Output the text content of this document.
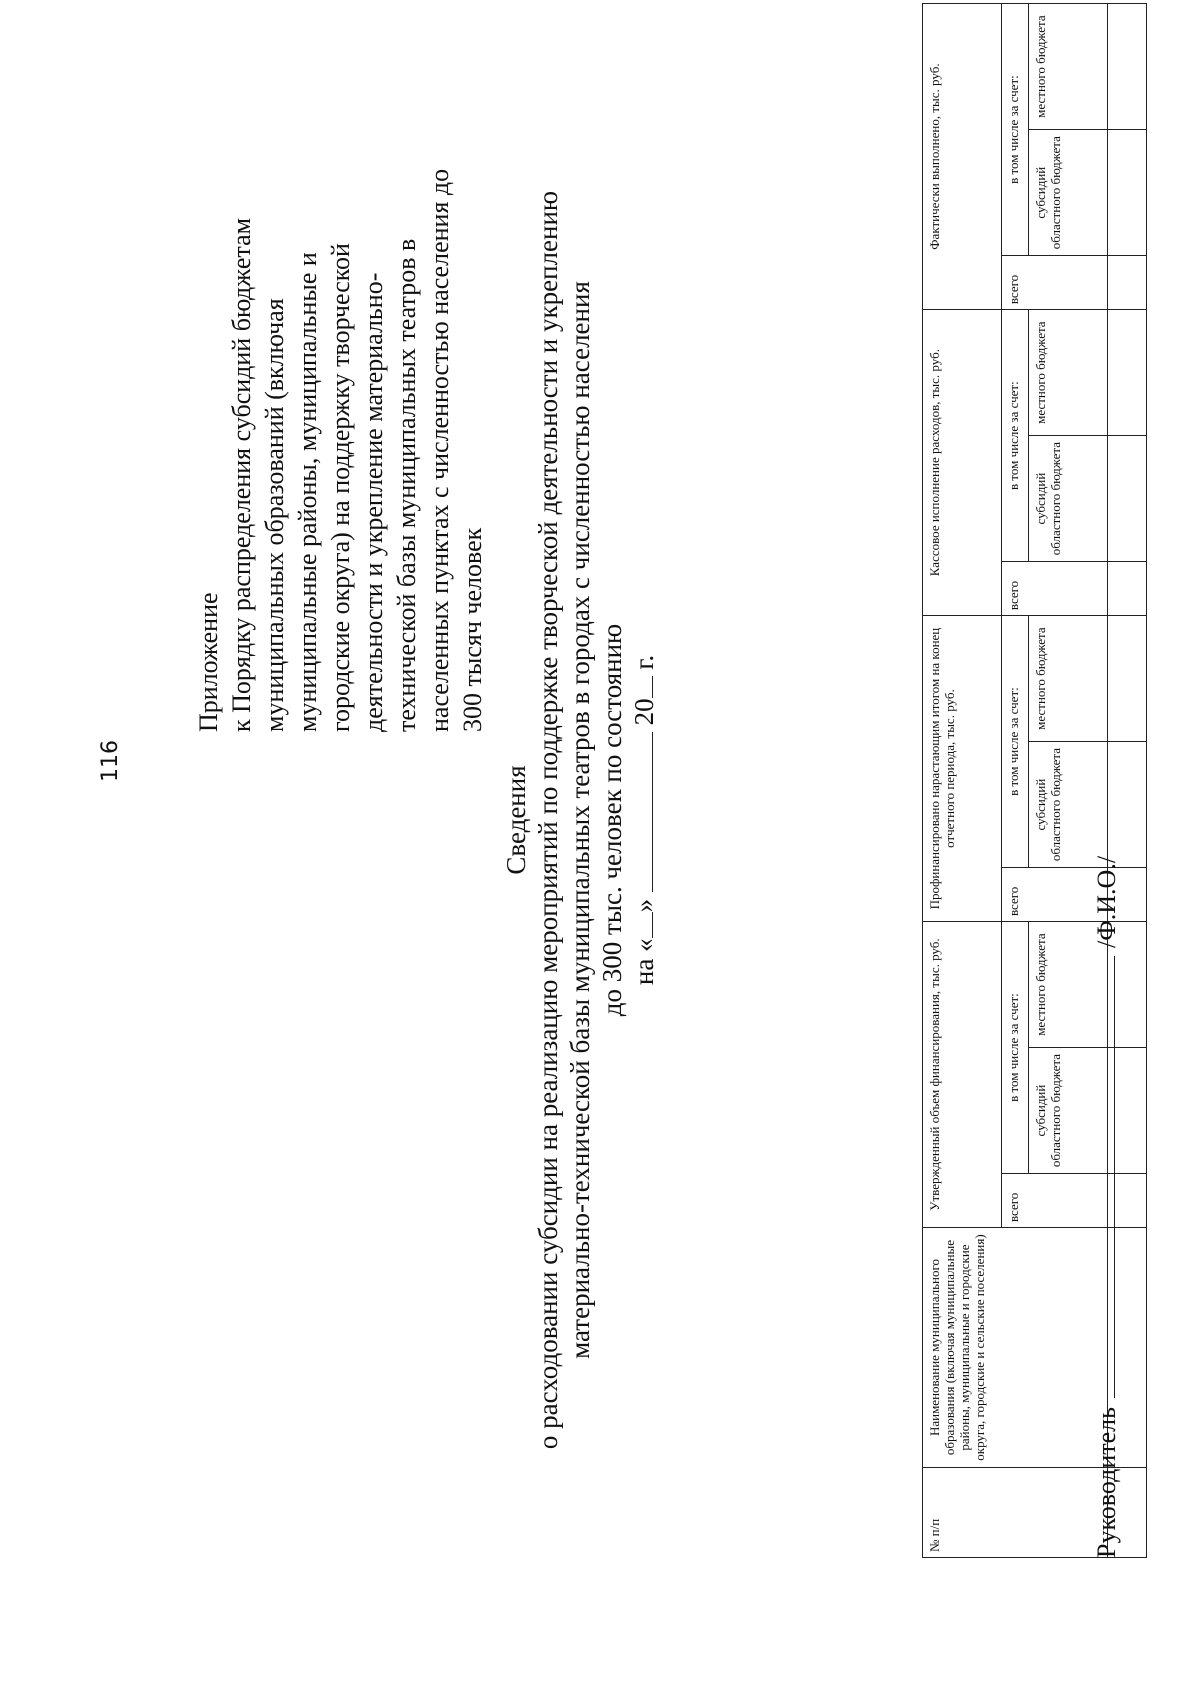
116
Приложение к Порядку распределения субсидий бюджетам муниципальных образований (включая муниципальные районы, муниципальные и городские округа) на поддержку творческой деятельности и укрепление материально- технической базы муниципальных театров в населенных пунктах с численностью населения до 300 тысяч человек
Сведения о расходовании субсидии на реализацию мероприятий по поддержке творческой деятельности и укреплению материально-технической базы муниципальных театров в городах с численностью населения до 300 тыс. человек по состоянию на «»  20 г.
№ п/п	Наименование муниципального образования (включая муниципальные районы, муниципальные и городские округа, городские и сельские поселения)	Утвержденный объем финансирования, тыс. руб.			Профинансировано нарастающим итогом на конец отчетного периода, тыс. руб.			Кассовое исполнение расходов, тыс. руб.			Фактически выполнено, тыс. руб.		
		всего	в том числе за счет:		всего	в том числе за счет:		всего	в том числе за счет:		всего	в том числе за счет:	
			субсидий областного бюджета	местного бюджета		субсидий областного бюджета	местного бюджета		субсидий областного бюджета	местного бюджета		субсидий областного бюджета	местного бюджета

Руководитель  /Ф.И.О./
